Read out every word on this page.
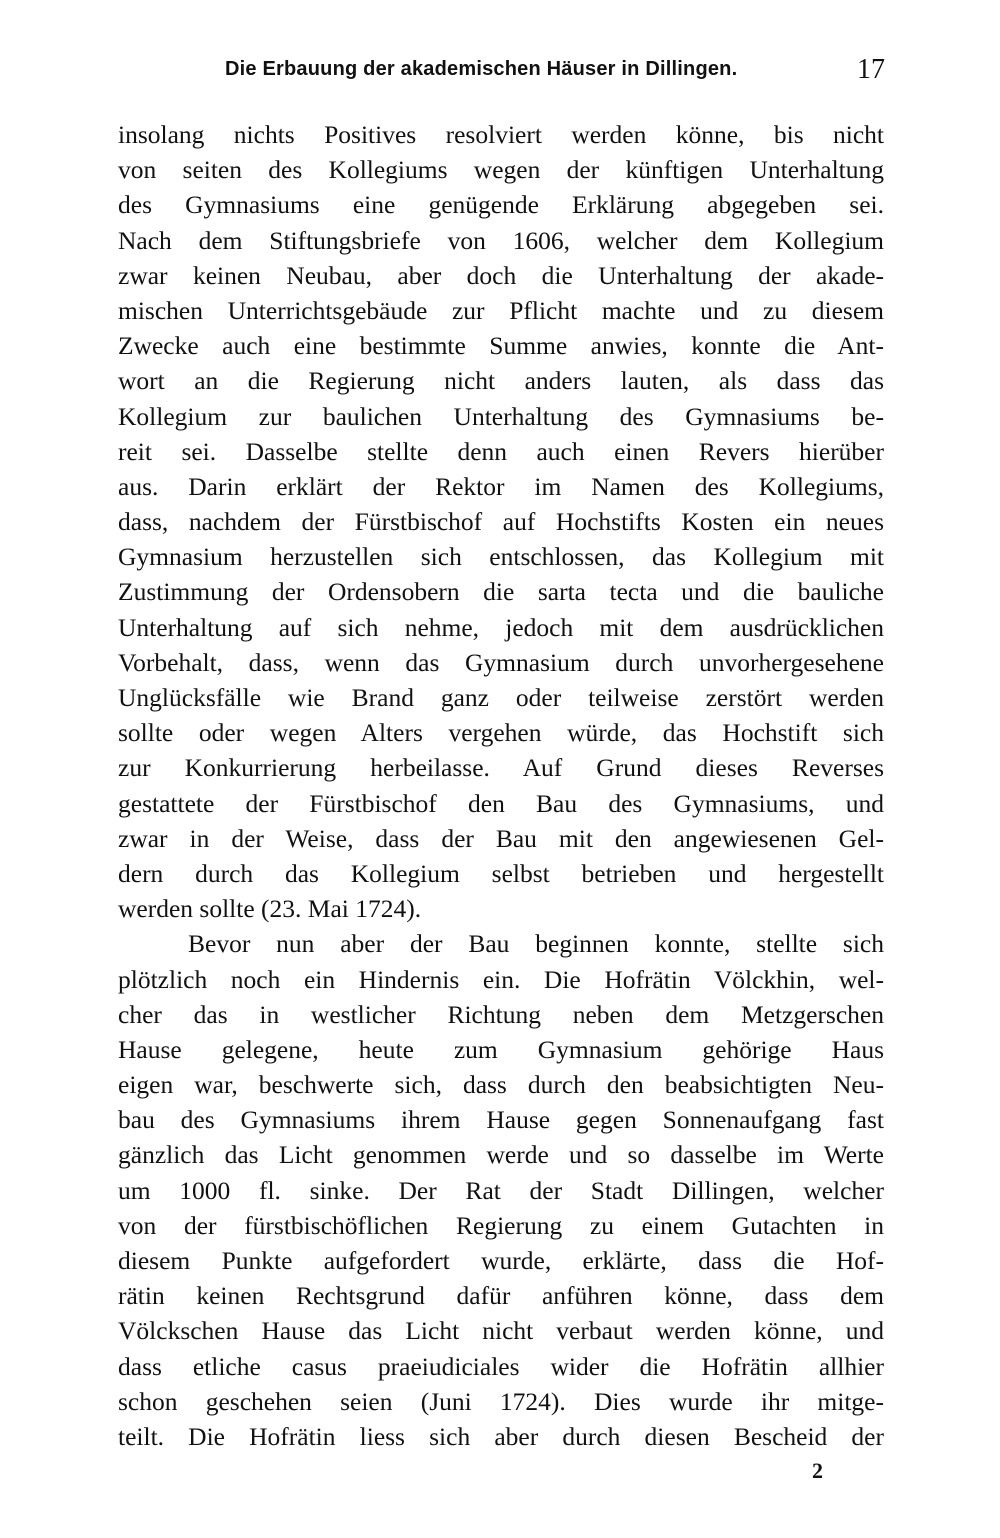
Die Erbauung der akademischen Häuser in Dillingen.	17
insolang nichts Positives resolviert werden könne, bis nicht
von seiten des Kollegiums wegen der künftigen Unterhaltung
des Gymnasiums eine genügende Erklärung abgegeben sei.
Nach dem Stiftungsbriefe von 1606, welcher dem Kollegium
zwar keinen Neubau, aber doch die Unterhaltung der akade-
mischen Unterrichtsgebäude zur Pflicht machte und zu diesem
Zwecke auch eine bestimmte Summe anwies, konnte die Ant-
wort an die Regierung nicht anders lauten, als dass das
Kollegium zur baulichen Unterhaltung des Gymnasiums be-
reit sei. Dasselbe stellte denn auch einen Revers hierüber
aus. Darin erklärt der Rektor im Namen des Kollegiums,
dass, nachdem der Fürstbischof auf Hochstifts Kosten ein neues
Gymnasium herzustellen sich entschlossen, das Kollegium mit
Zustimmung der Ordensobern die sarta tecta und die bauliche
Unterhaltung auf sich nehme, jedoch mit dem ausdrücklichen
Vorbehalt, dass, wenn das Gymnasium durch unvorhergesehene
Unglücksfälle wie Brand ganz oder teilweise zerstört werden
sollte oder wegen Alters vergehen würde, das Hochstift sich
zur Konkurrierung herbeilasse. Auf Grund dieses Reverses
gestattete der Fürstbischof den Bau des Gymnasiums, und
zwar in der Weise, dass der Bau mit den angewiesenen Gel-
dern durch das Kollegium selbst betrieben und hergestellt
werden sollte (23. Mai 1724).
Bevor nun aber der Bau beginnen konnte, stellte sich
plötzlich noch ein Hindernis ein. Die Hofrätin Völckhin, wel-
cher das in westlicher Richtung neben dem Metzgerschen
Hause gelegene, heute zum Gymnasium gehörige Haus
eigen war, beschwerte sich, dass durch den beabsichtigten Neu-
bau des Gymnasiums ihrem Hause gegen Sonnenaufgang fast
gänzlich das Licht genommen werde und so dasselbe im Werte
um 1000 fl. sinke. Der Rat der Stadt Dillingen, welcher
von der fürstbischöflichen Regierung zu einem Gutachten in
diesem Punkte aufgefordert wurde, erklärte, dass die Hof-
rätin keinen Rechtsgrund dafür anführen könne, dass dem
Völckschen Hause das Licht nicht verbaut werden könne, und
dass etliche casus praeiudiciales wider die Hofrätin allhier
schon geschehen seien (Juni 1724). Dies wurde ihr mitge-
teilt. Die Hofrätin liess sich aber durch diesen Bescheid der
2
